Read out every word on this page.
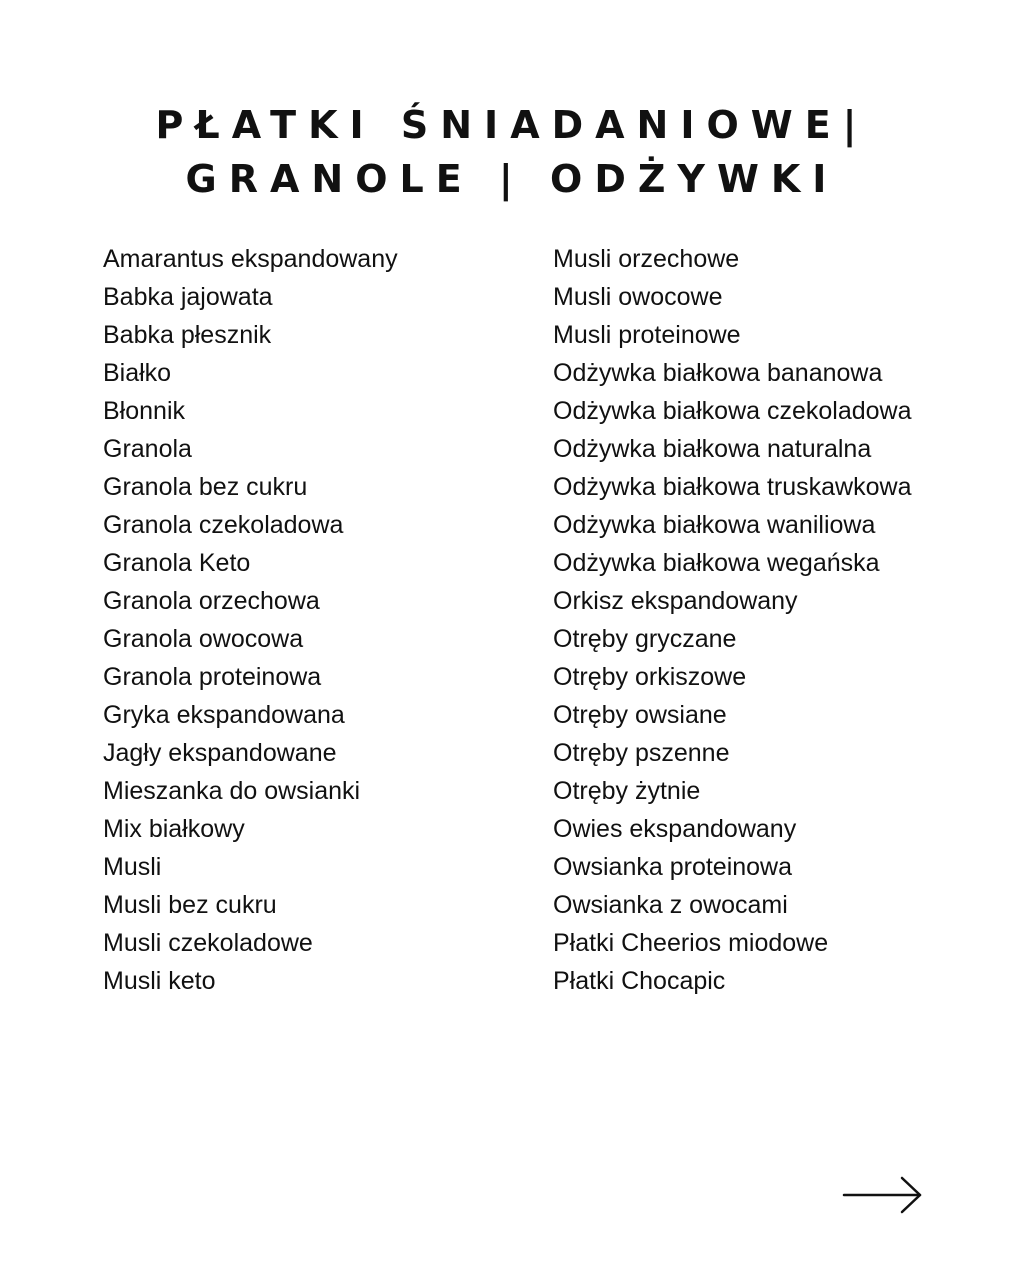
PŁATKI ŚNIADANIOWE|
GRANOLE | ODŻYWKI
Amarantus ekspandowany
Babka jajowata
Babka płesznik
Białko
Błonnik
Granola
Granola bez cukru
Granola czekoladowa
Granola Keto
Granola orzechowa
Granola owocowa
Granola proteinowa
Gryka ekspandowana
Jagły ekspandowane
Mieszanka do owsianki
Mix białkowy
Musli
Musli bez cukru
Musli czekoladowe
Musli keto
Musli orzechowe
Musli owocowe
Musli proteinowe
Odżywka białkowa bananowa
Odżywka białkowa czekoladowa
Odżywka białkowa naturalna
Odżywka białkowa truskawkowa
Odżywka białkowa waniliowa
Odżywka białkowa wegańska
Orkisz ekspandowany
Otręby gryczane
Otręby orkiszowe
Otręby owsiane
Otręby pszenne
Otręby żytnie
Owies ekspandowany
Owsianka proteinowa
Owsianka z owocami
Płatki Cheerios miodowe
Płatki Chocapic
